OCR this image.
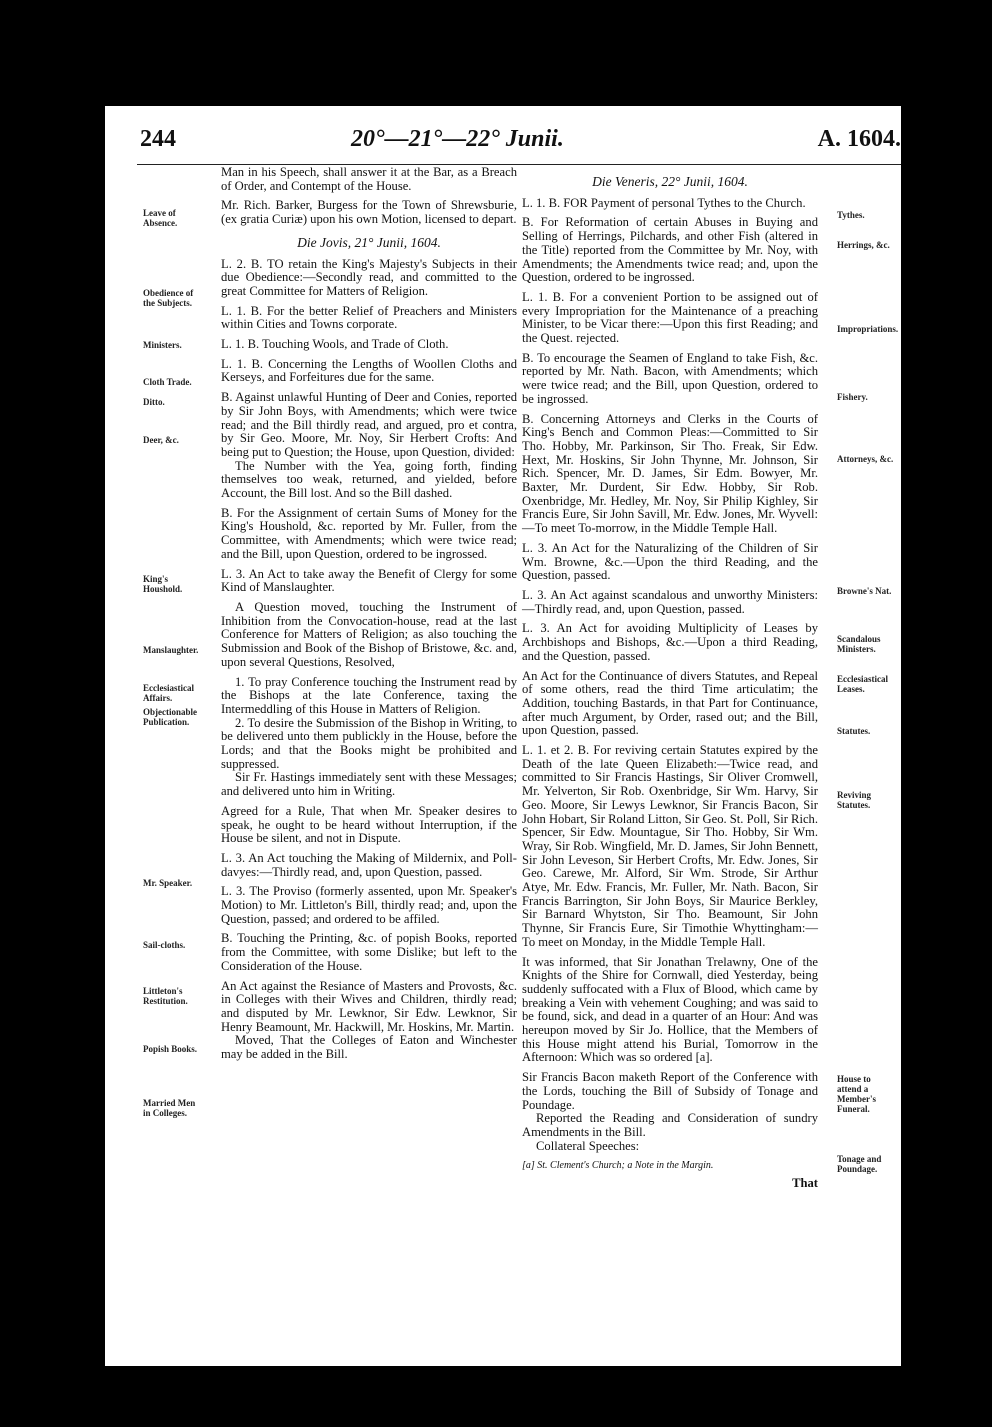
244	20°—21°—22° Junii.	A. 1604.

Man in his Speech, shall answer it at the Bar, as a Breach of Order, and Contempt of the House.

Mr. Rich. Barker, Burgess for the Town of Shrewsburie, (ex gratia Curiæ) upon his own Motion, licensed to depart.

Die Jovis, 21° Junii, 1604.

L. 2. B. TO retain the King's Majesty's Subjects in their due Obedience:—Secondly read, and committed to the great Committee for Matters of Religion.

L. 1. B. For the better Relief of Preachers and Ministers within Cities and Towns corporate.

L. 1. B. Touching Wools, and Trade of Cloth.

L. 1. B. Concerning the Lengths of Woollen Cloths and Kerseys, and Forfeitures due for the same.

B. Against unlawful Hunting of Deer and Conies, reported by Sir John Boys, with Amendments; which were twice read; and the Bill thirdly read, and argued, pro et contra, by Sir Geo. Moore, Mr. Noy, Sir Herbert Crofts: And being put to Question; the House, upon Question, divided:

The Number with the Yea, going forth, finding themselves too weak, returned, and yielded, before Account, the Bill lost. And so the Bill dashed.

B. For the Assignment of certain Sums of Money for the King's Houshold, &c. reported by Mr. Fuller, from the Committee, with Amendments; which were twice read; and the Bill, upon Question, ordered to be ingrossed.

L. 3. An Act to take away the Benefit of Clergy for some Kind of Manslaughter.

A Question moved, touching the Instrument of Inhibition from the Convocation-house, read at the last Conference for Matters of Religion; as also touching the Submission and Book of the Bishop of Bristowe, &c. and, upon several Questions, Resolved,

1. To pray Conference touching the Instrument read by the Bishops at the late Conference, taxing the Intermeddling of this House in Matters of Religion.

2. To desire the Submission of the Bishop in Writing, to be delivered unto them publickly in the House, before the Lords; and that the Books might be prohibited and suppressed.

Sir Fr. Hastings immediately sent with these Messages; and delivered unto him in Writing.

Agreed for a Rule, That when Mr. Speaker desires to speak, he ought to be heard without Interruption, if the House be silent, and not in Dispute.

L. 3. An Act touching the Making of Mildernix, and Poll-davyes:—Thirdly read, and, upon Question, passed.

L. 3. The Proviso (formerly assented, upon Mr. Speaker's Motion) to Mr. Littleton's Bill, thirdly read; and, upon the Question, passed; and ordered to be affiled.

B. Touching the Printing, &c. of popish Books, reported from the Committee, with some Dislike; but left to the Consideration of the House.

An Act against the Resiance of Masters and Provosts, &c. in Colleges with their Wives and Children, thirdly read; and disputed by Mr. Lewknor, Sir Edw. Lewknor, Sir Henry Beamount, Mr. Hackwill, Mr. Hoskins, Mr. Martin.

Moved, That the Colleges of Eaton and Winchester may be added in the Bill.

Die Veneris, 22° Junii, 1604.

L. 1. B. FOR Payment of personal Tythes to the Church.

B. For Reformation of certain Abuses in Buying and Selling of Herrings, Pilchards, and other Fish (altered in the Title) reported from the Committee by Mr. Noy, with Amendments; the Amendments twice read; and, upon the Question, ordered to be ingrossed.

L. 1. B. For a convenient Portion to be assigned out of every Impropriation for the Maintenance of a preaching Minister, to be Vicar there:—Upon this first Reading; and the Quest. rejected.

B. To encourage the Seamen of England to take Fish, &c. reported by Mr. Nath. Bacon, with Amendments; which were twice read; and the Bill, upon Question, ordered to be ingrossed.

B. Concerning Attorneys and Clerks in the Courts of King's Bench and Common Pleas:—Committed to Sir Tho. Hobby, Mr. Parkinson, Sir Tho. Freak, Sir Edw. Hext, Mr. Hoskins, Sir John Thynne, Mr. Johnson, Sir Rich. Spencer, Mr. D. James, Sir Edm. Bowyer, Mr. Baxter, Mr. Durdent, Sir Edw. Hobby, Sir Rob. Oxenbridge, Mr. Hedley, Mr. Noy, Sir Philip Kighley, Sir Francis Eure, Sir John Savill, Mr. Edw. Jones, Mr. Wyvell:—To meet To-morrow, in the Middle Temple Hall.

L. 3. An Act for the Naturalizing of the Children of Sir Wm. Browne, &c.—Upon the third Reading, and the Question, passed.

L. 3. An Act against scandalous and unworthy Ministers:—Thirdly read, and, upon Question, passed.

L. 3. An Act for avoiding Multiplicity of Leases by Archbishops and Bishops, &c.—Upon a third Reading, and the Question, passed.

An Act for the Continuance of divers Statutes, and Repeal of some others, read the third Time articulatim; the Addition, touching Bastards, in that Part for Continuance, after much Argument, by Order, rased out; and the Bill, upon Question, passed.

L. 1. et 2. B. For reviving certain Statutes expired by the Death of the late Queen Elizabeth:—Twice read, and committed to Sir Francis Hastings, Sir Oliver Cromwell, Mr. Yelverton, Sir Rob. Oxenbridge, Sir Wm. Harvy, Sir Geo. Moore, Sir Lewys Lewknor, Sir Francis Bacon, Sir John Hobart, Sir Roland Litton, Sir Geo. St. Poll, Sir Rich. Spencer, Sir Edw. Mountague, Sir Tho. Hobby, Sir Wm. Wray, Sir Rob. Wingfield, Mr. D. James, Sir John Bennett, Sir John Leveson, Sir Herbert Crofts, Mr. Edw. Jones, Sir Geo. Carewe, Mr. Alford, Sir Wm. Strode, Sir Arthur Atye, Mr. Edw. Francis, Mr. Fuller, Mr. Nath. Bacon, Sir Francis Barrington, Sir John Boys, Sir Maurice Berkley, Sir Barnard Whytston, Sir Tho. Beamount, Sir John Thynne, Sir Francis Eure, Sir Timothie Whyttingham:—To meet on Monday, in the Middle Temple Hall.

It was informed, that Sir Jonathan Trelawny, One of the Knights of the Shire for Cornwall, died Yesterday, being suddenly suffocated with a Flux of Blood, which came by breaking a Vein with vehement Coughing; and was said to be found, sick, and dead in a quarter of an Hour: And was hereupon moved by Sir Jo. Hollice, that the Members of this House might attend his Burial, Tomorrow in the Afternoon: Which was so ordered [a].

Sir Francis Bacon maketh Report of the Conference with the Lords, touching the Bill of Subsidy of Tonage and Poundage.

Reported the Reading and Consideration of sundry Amendments in the Bill.

Collateral Speeches:

[a] St. Clement's Church; a Note in the Margin.
That
Leave of Absence.
Obedience of the Subjects.
Ministers.
Cloth Trade.
Ditto.
Deer, &c.
King's Houshold.
Manslaughter.
Ecclesiastical Affairs.
Objectionable Publication.
Mr. Speaker.
Sail-cloths.
Littleton's Restitution.
Popish Books.
Married Men in Colleges.
Tythes.
Herrings, &c.
Impropriations.
Fishery.
Attorneys, &c.
Browne's Nat.
Scandalous Ministers.
Ecclesiastical Leases.
Statutes.
Reviving Statutes.
House to attend a Member's Funeral.
Tonage and Poundage.
